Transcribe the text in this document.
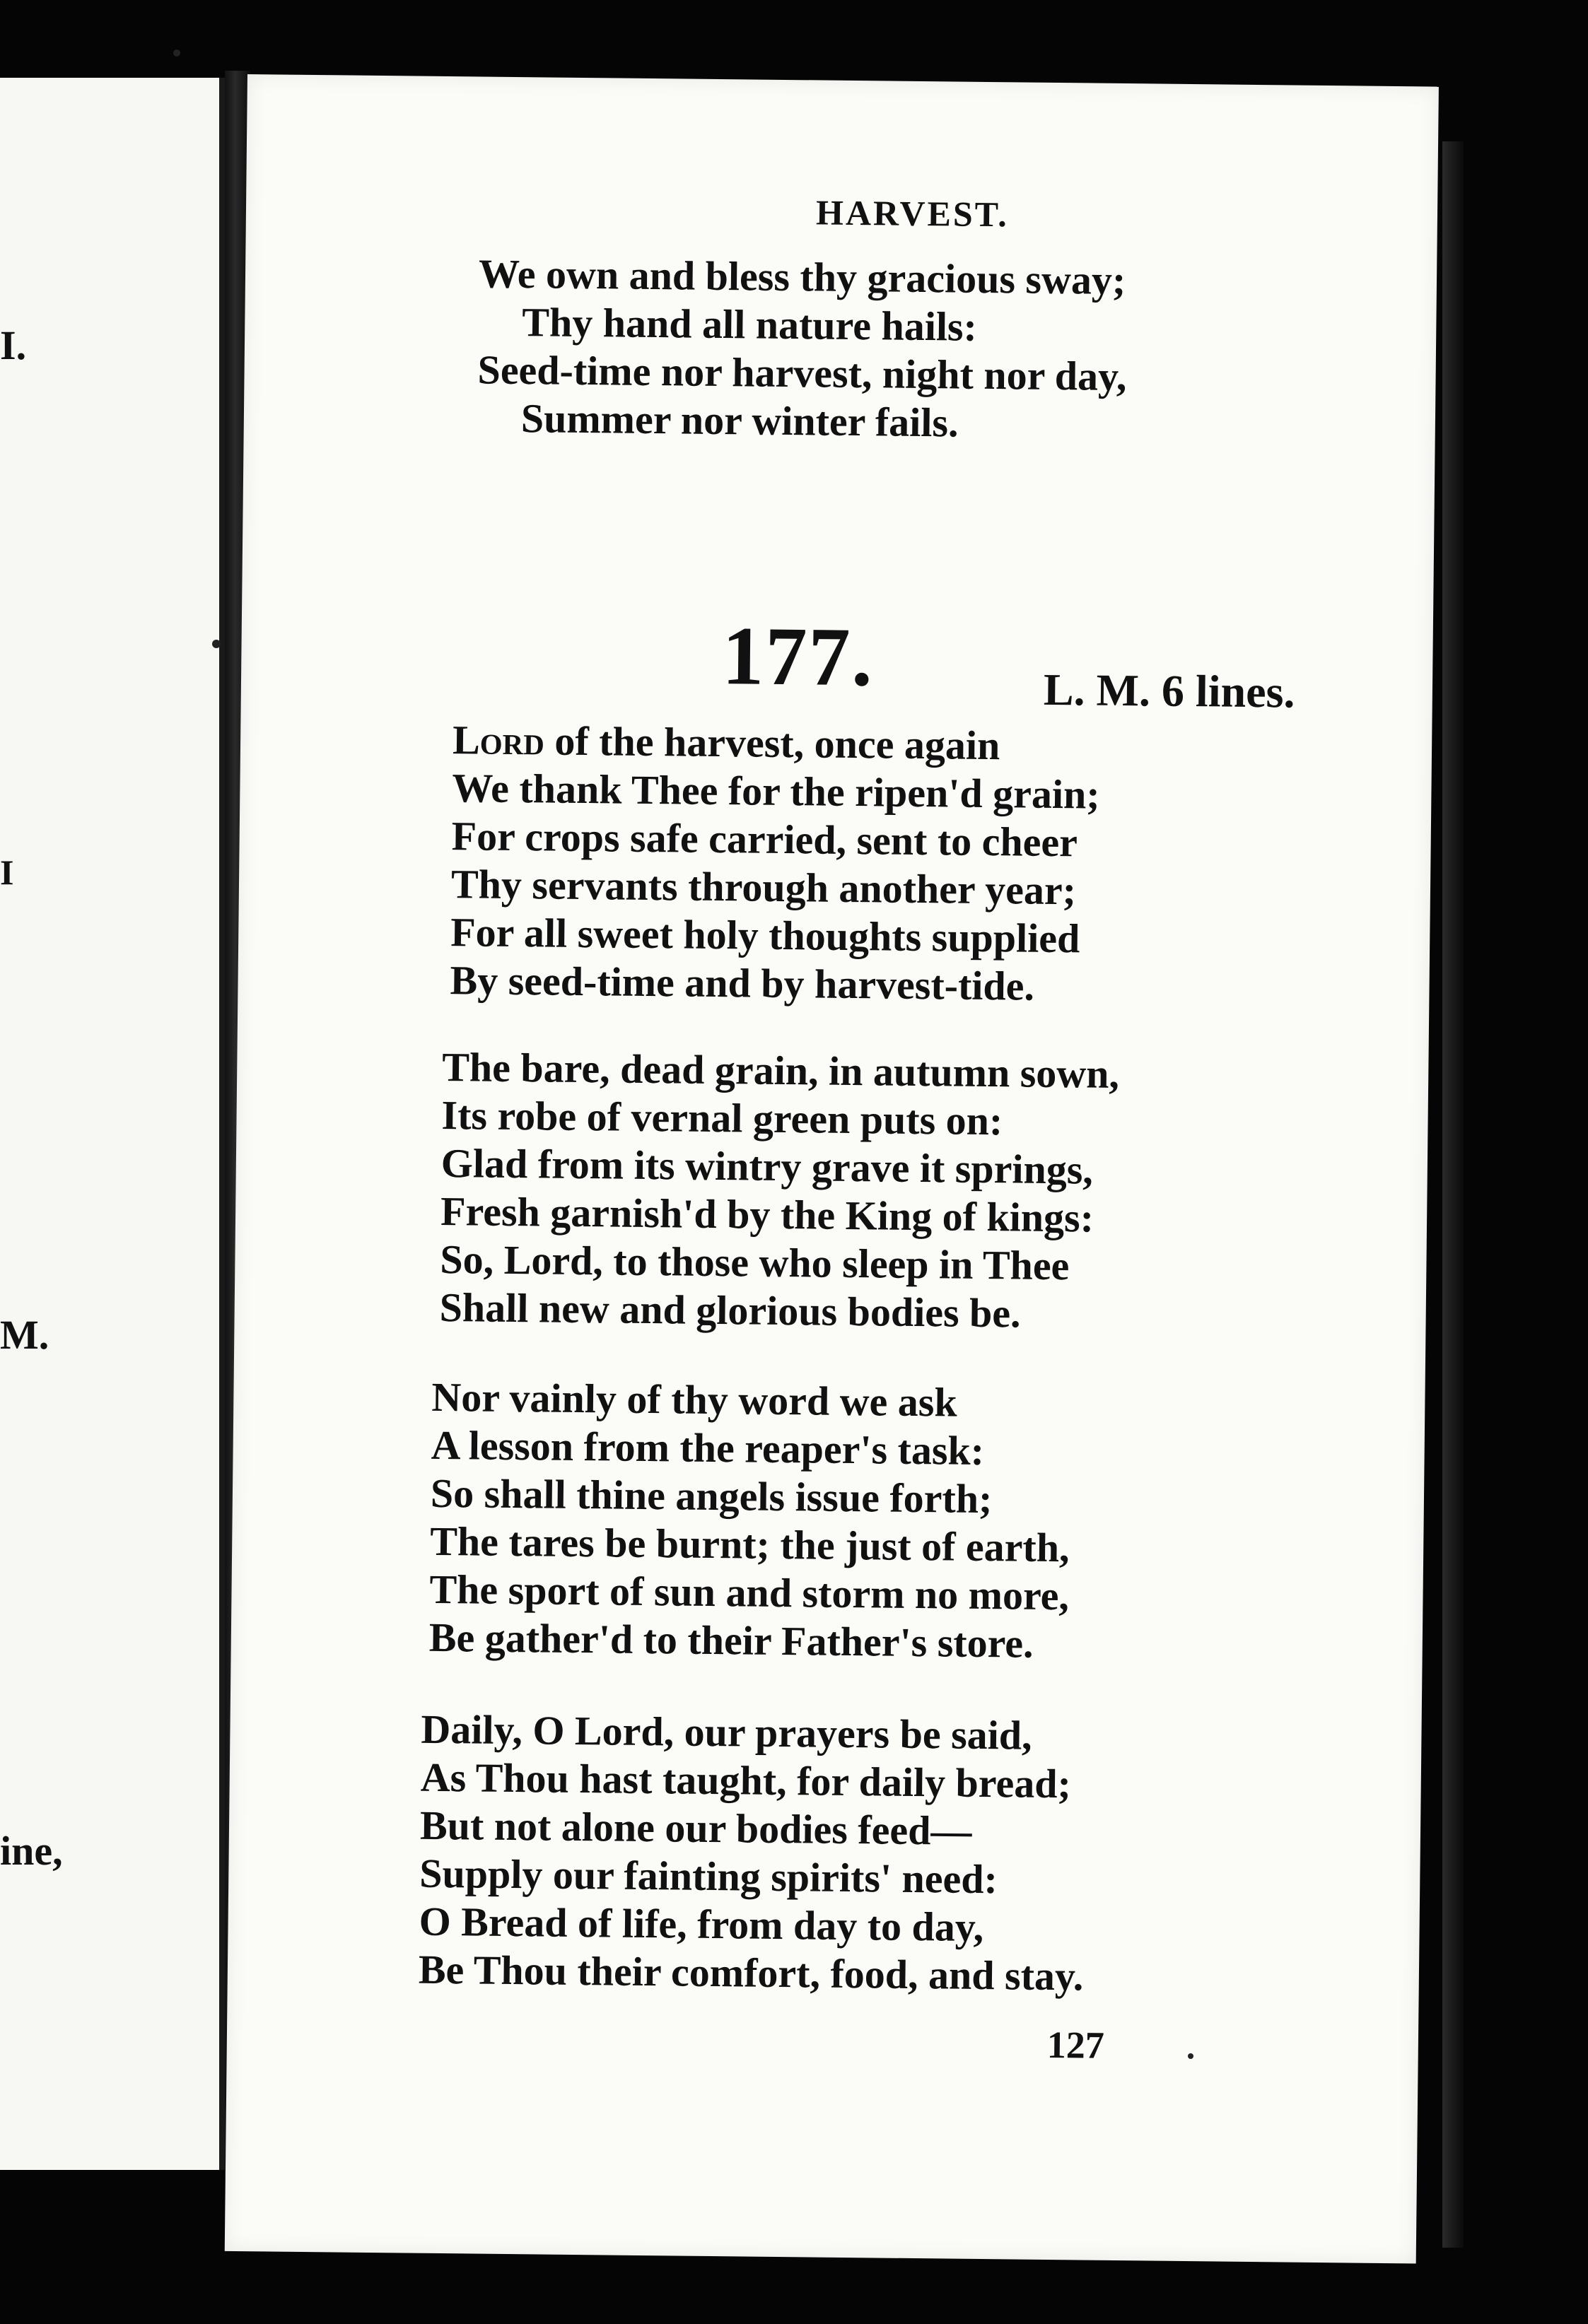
I.
I
M.
ine,
HARVEST.
We own and bless thy gracious sway;
Thy hand all nature hails:
Seed-time nor harvest, night nor day,
Summer nor winter fails.
177.	L. M. 6 lines.
Lord of the harvest, once again
We thank Thee for the ripen'd grain;
For crops safe carried, sent to cheer
Thy servants through another year;
For all sweet holy thoughts supplied
By seed-time and by harvest-tide.
The bare, dead grain, in autumn sown,
Its robe of vernal green puts on:
Glad from its wintry grave it springs,
Fresh garnish'd by the King of kings:
So, Lord, to those who sleep in Thee
Shall new and glorious bodies be.
Nor vainly of thy word we ask
A lesson from the reaper's task:
So shall thine angels issue forth;
The tares be burnt; the just of earth,
The sport of sun and storm no more,
Be gather'd to their Father's store.
Daily, O Lord, our prayers be said,
As Thou hast taught, for daily bread;
But not alone our bodies feed—
Supply our fainting spirits' need:
O Bread of life, from day to day,
Be Thou their comfort, food, and stay.
127
